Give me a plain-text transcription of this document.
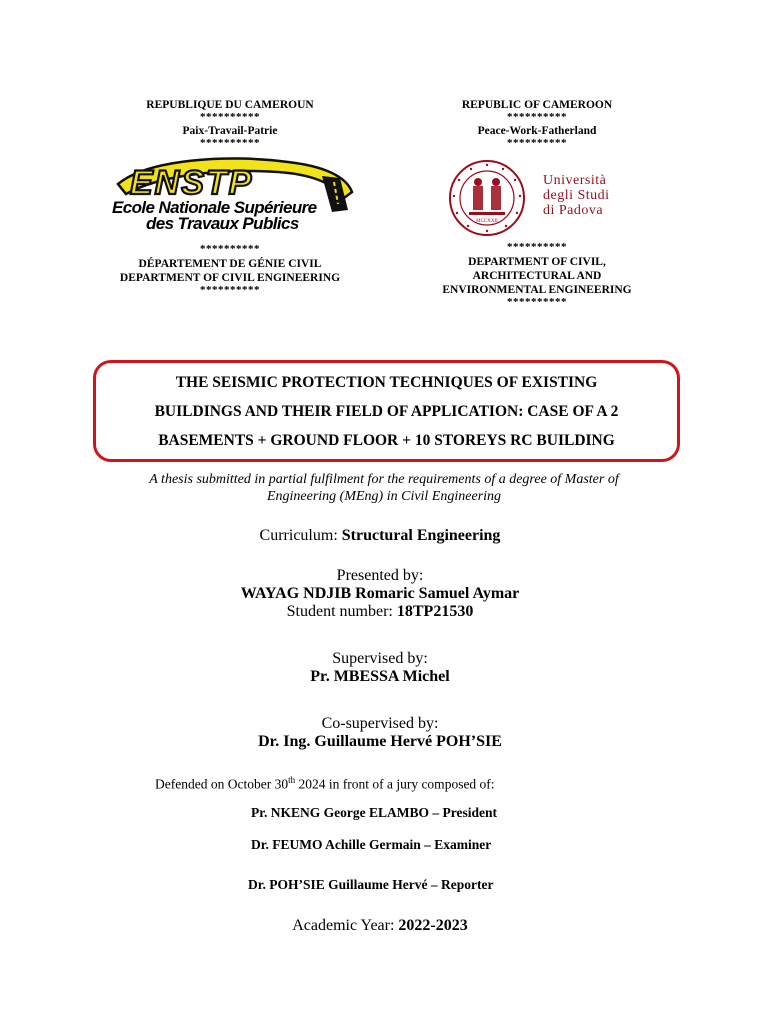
REPUBLIQUE DU CAMEROUN
**********
Paix-Travail-Patrie
**********
ENSTP
Ecole Nationale Supérieure
des Travaux Publics
**********
DÉPARTEMENT DE GÉNIE CIVIL
DEPARTMENT OF CIVIL ENGINEERING
**********
REPUBLIC OF CAMEROON
**********
Peace-Work-Fatherland
**********
MCCXXII
Università
degli Studi
di Padova
**********
DEPARTMENT OF CIVIL,
ARCHITECTURAL AND
ENVIRONMENTAL ENGINEERING
**********
THE SEISMIC PROTECTION TECHNIQUES OF EXISTING
BUILDINGS AND THEIR FIELD OF APPLICATION: CASE OF A 2
BASEMENTS + GROUND FLOOR + 10 STOREYS RC BUILDING
A thesis submitted in partial fulfilment for the requirements of a degree of Master of
Engineering (MEng) in Civil Engineering
Curriculum: Structural Engineering
Presented by:
WAYAG NDJIB Romaric Samuel Aymar
Student number: 18TP21530
Supervised by:
Pr. MBESSA Michel
Co-supervised by:
Dr. Ing. Guillaume Hervé POH’SIE
Defended on October 30th 2024 in front of a jury composed of:
Pr. NKENG George ELAMBO – President
Dr. FEUMO Achille Germain – Examiner
Dr. POH’SIE Guillaume Hervé – Reporter
Academic Year: 2022-2023
